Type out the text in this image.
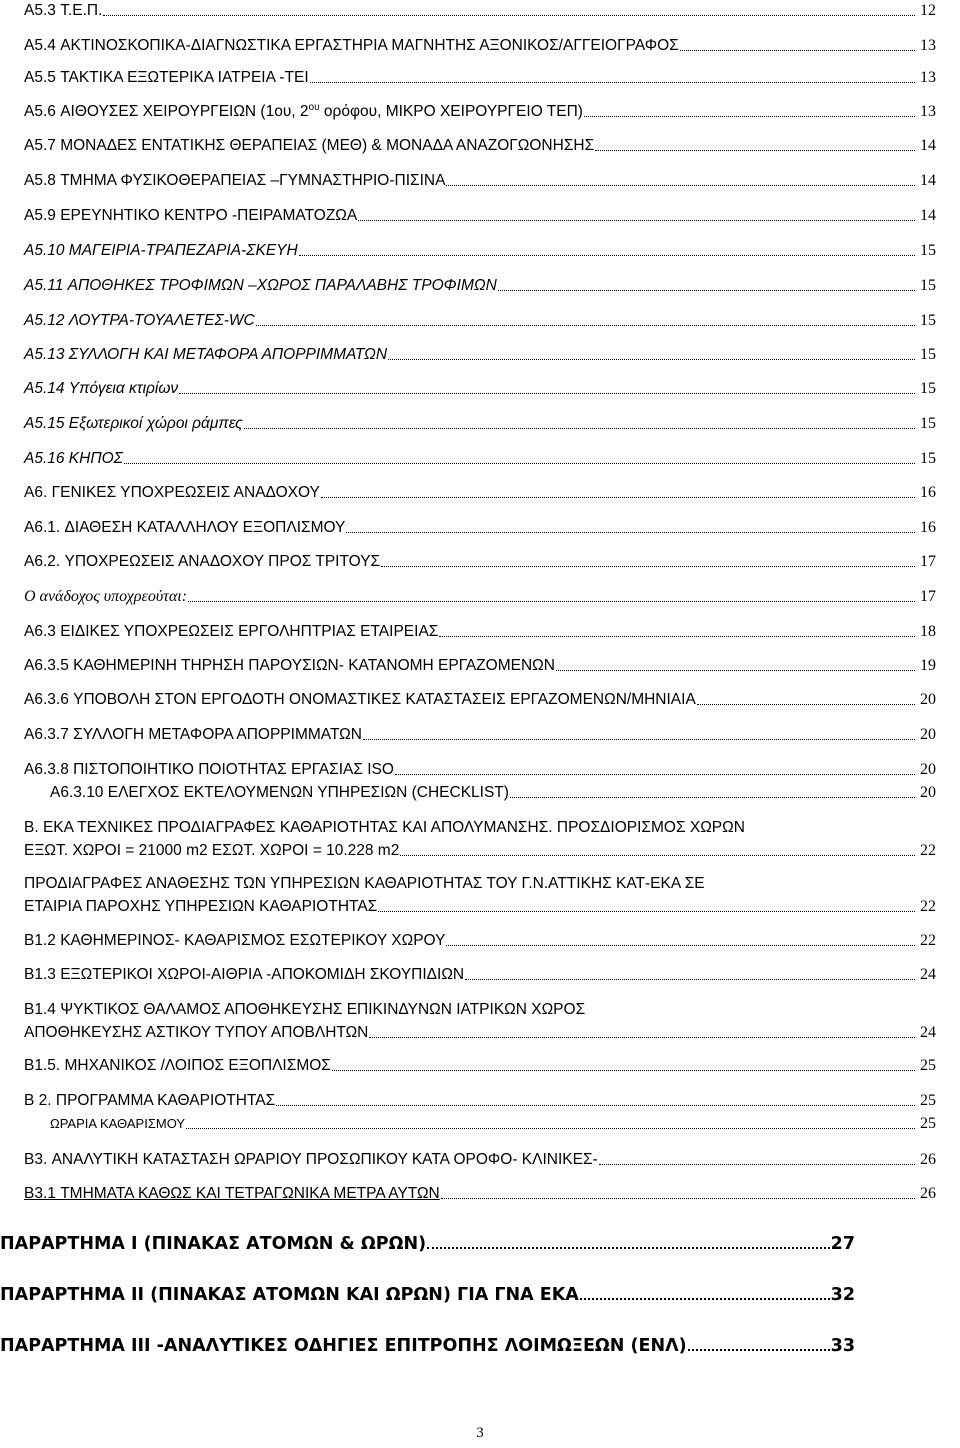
A5.3 Τ.Ε.Π.	12
A5.4 ΑΚΤΙΝΟΣΚΟΠΙΚΑ-ΔΙΑΓΝΩΣΤΙΚΑ ΕΡΓΑΣΤΗΡΙΑ ΜΑΓΝΗΤΗΣ ΑΞΟΝΙΚΟΣ/ΑΓΓΕΙΟΓΡΑΦΟΣ	13
A5.5 ΤΑΚΤΙΚΑ ΕΞΩΤΕΡΙΚΑ ΙΑΤΡΕΙΑ -ΤΕΙ	13
A5.6 ΑΙΘΟΥΣΕΣ ΧΕΙΡΟΥΡΓΕΙΩΝ (1ου, $2^{o\upsilon}$ ορόφου, ΜΙΚΡΟ ΧΕΙΡΟΥΡΓΕΙΟ ΤΕΠ)	13
A5.7 ΜΟΝΑΔΕΣ ΕΝΤΑΤΙΚΗΣ ΘΕΡΑΠΕΙΑΣ (ΜΕΘ) & ΜΟΝΑΔΑ ΑΝΑΖΟΓΩΟΝΗΣΗΣ	14
A5.8 ΤΜΗΜΑ ΦΥΣΙΚΟΘΕΡΑΠΕΙΑΣ –ΓΥΜΝΑΣΤΗΡΙΟ-ΠΙΣΙΝΑ	14
A5.9 ΕΡΕΥΝΗΤΙΚΟ ΚΕΝΤΡΟ -ΠΕΙΡΑΜΑΤΟΖΩΑ	14
A5.10 ΜΑΓΕΙΡΙΑ-ΤΡΑΠΕΖΑΡΙΑ-ΣΚΕΥΗ	15
A5.11 ΑΠΟΘΗΚΕΣ ΤΡΟΦΙΜΩΝ –ΧΩΡΟΣ ΠΑΡΑΛΑΒΗΣ ΤΡΟΦΙΜΩΝ	15
A5.12 ΛΟΥΤΡΑ-ΤΟΥΑΛΕΤΕΣ-WC	15
A5.13 ΣΥΛΛΟΓΗ ΚΑΙ ΜΕΤΑΦΟΡΑ ΑΠΟΡΡΙΜΜΑΤΩΝ	15
A5.14 Υπόγεια κτιρίων	15
A5.15 Εξωτερικοί χώροι ράμπες	15
A5.16 ΚΗΠΟΣ	15
A6. ΓΕΝΙΚΕΣ ΥΠΟΧΡΕΩΣΕΙΣ ΑΝΑΔΟΧΟΥ	16
A6.1. ΔΙΑΘΕΣΗ ΚΑΤΑΛΛΗΛΟΥ ΕΞΟΠΛΙΣΜΟΥ	16
A6.2. ΥΠΟΧΡΕΩΣΕΙΣ ΑΝΑΔΟΧΟΥ ΠΡΟΣ ΤΡΙΤΟΥΣ	17
Ο ανάδοχος υποχρεούται:	17
A6.3 ΕΙΔΙΚΕΣ ΥΠΟΧΡΕΩΣΕΙΣ ΕΡΓΟΛΗΠΤΡΙΑΣ ΕΤΑΙΡΕΙΑΣ	18
A6.3.5 ΚΑΘΗΜΕΡΙΝΗ ΤΗΡΗΣΗ ΠΑΡΟΥΣΙΩΝ- ΚΑΤΑΝΟΜΗ ΕΡΓΑΖΟΜΕΝΩΝ	19
A6.3.6 ΥΠΟΒΟΛΗ ΣΤΟΝ ΕΡΓΟΔΟΤΗ ΟΝΟΜΑΣΤΙΚΕΣ ΚΑΤΑΣΤΑΣΕΙΣ ΕΡΓΑΖΟΜΕΝΩΝ/ΜΗΝΙΑΙΑ	20
A6.3.7 ΣΥΛΛΟΓΗ ΜΕΤΑΦΟΡΑ ΑΠΟΡΡΙΜΜΑΤΩΝ	20
A6.3.8 ΠΙΣΤΟΠΟΙΗΤΙΚΟ ΠΟΙΟΤΗΤΑΣ ΕΡΓΑΣΙΑΣ ISO	20
A6.3.10 ΕΛΕΓΧΟΣ ΕΚΤΕΛΟΥΜΕΝΩΝ ΥΠΗΡΕΣΙΩΝ (CHECKLIST)	20
B. ΕΚΑ ΤΕΧΝΙΚΕΣ ΠΡΟΔΙΑΓΡΑΦΕΣ ΚΑΘΑΡΙΟΤΗΤΑΣ ΚΑΙ ΑΠΟΛΥΜΑΝΣΗΣ. ΠΡΟΣΔΙΟΡΙΣΜΟΣ ΧΩΡΩΝ
ΕΞΩΤ. ΧΩΡΟΙ = 21000 m2 ΕΣΩΤ. ΧΩΡΟΙ = 10.228 m2	22
ΠΡΟΔΙΑΓΡΑΦΕΣ ΑΝΑΘΕΣΗΣ ΤΩΝ ΥΠΗΡΕΣΙΩΝ ΚΑΘΑΡΙΟΤΗΤΑΣ ΤΟΥ Γ.Ν.ΑΤΤΙΚΗΣ ΚΑΤ-ΕΚΑ ΣΕ
ΕΤΑΙΡΙΑ ΠΑΡΟΧΗΣ ΥΠΗΡΕΣΙΩΝ ΚΑΘΑΡΙΟΤΗΤΑΣ	22
B1.2 ΚΑΘΗΜΕΡΙΝΟΣ- ΚΑΘΑΡΙΣΜΟΣ ΕΣΩΤΕΡΙΚΟΥ ΧΩΡΟΥ	22
B1.3 ΕΞΩΤΕΡΙΚΟΙ ΧΩΡΟΙ-ΑΙΘΡΙΑ -ΑΠΟΚΟΜΙΔΗ ΣΚΟΥΠΙΔΙΩΝ	24
B1.4 ΨΥΚΤΙΚΟΣ ΘΑΛΑΜΟΣ ΑΠΟΘΗΚΕΥΣΗΣ ΕΠΙΚΙΝΔΥΝΩΝ ΙΑΤΡΙΚΩΝ ΧΩΡΟΣ
ΑΠΟΘΗΚΕΥΣΗΣ ΑΣΤΙΚΟΥ ΤΥΠΟΥ ΑΠΟΒΛΗΤΩΝ	24
B1.5. ΜΗΧΑΝΙΚΟΣ /ΛΟΙΠΟΣ ΕΞΟΠΛΙΣΜΟΣ	25
B 2. ΠΡΟΓΡΑΜΜΑ ΚΑΘΑΡΙΟΤΗΤΑΣ	25
ΩΡΑΡΙΑ ΚΑΘΑΡΙΣΜΟΥ	25
B3. ΑΝΑΛΥΤΙΚΗ ΚΑΤΑΣΤΑΣΗ ΩΡΑΡΙΟΥ ΠΡΟΣΩΠΙΚΟΥ ΚΑΤΑ ΟΡΟΦΟ- ΚΛΙΝΙΚΕΣ-	26
B3.1 ΤΜΗΜΑΤΑ ΚΑΘΩΣ ΚΑΙ ΤΕΤΡΑΓΩΝΙΚΑ ΜΕΤΡΑ ΑΥΤΩΝ	26
ΠΑΡΑΡΤΗΜΑ Ι (ΠΙΝΑΚΑΣ ΑΤΟΜΩΝ & ΩΡΩΝ)	27
ΠΑΡΑΡΤΗΜΑ ΙΙ (ΠΙΝΑΚΑΣ ΑΤΟΜΩΝ ΚΑΙ ΩΡΩΝ) ΓΙΑ ΓΝΑ ΕΚΑ	32
ΠΑΡΑΡΤΗΜΑ ΙΙΙ -ΑΝΑΛΥΤΙΚΕΣ ΟΔΗΓΙΕΣ ΕΠΙΤΡΟΠΗΣ ΛΟΙΜΩΞΕΩΝ (ΕΝΛ)	33
3
